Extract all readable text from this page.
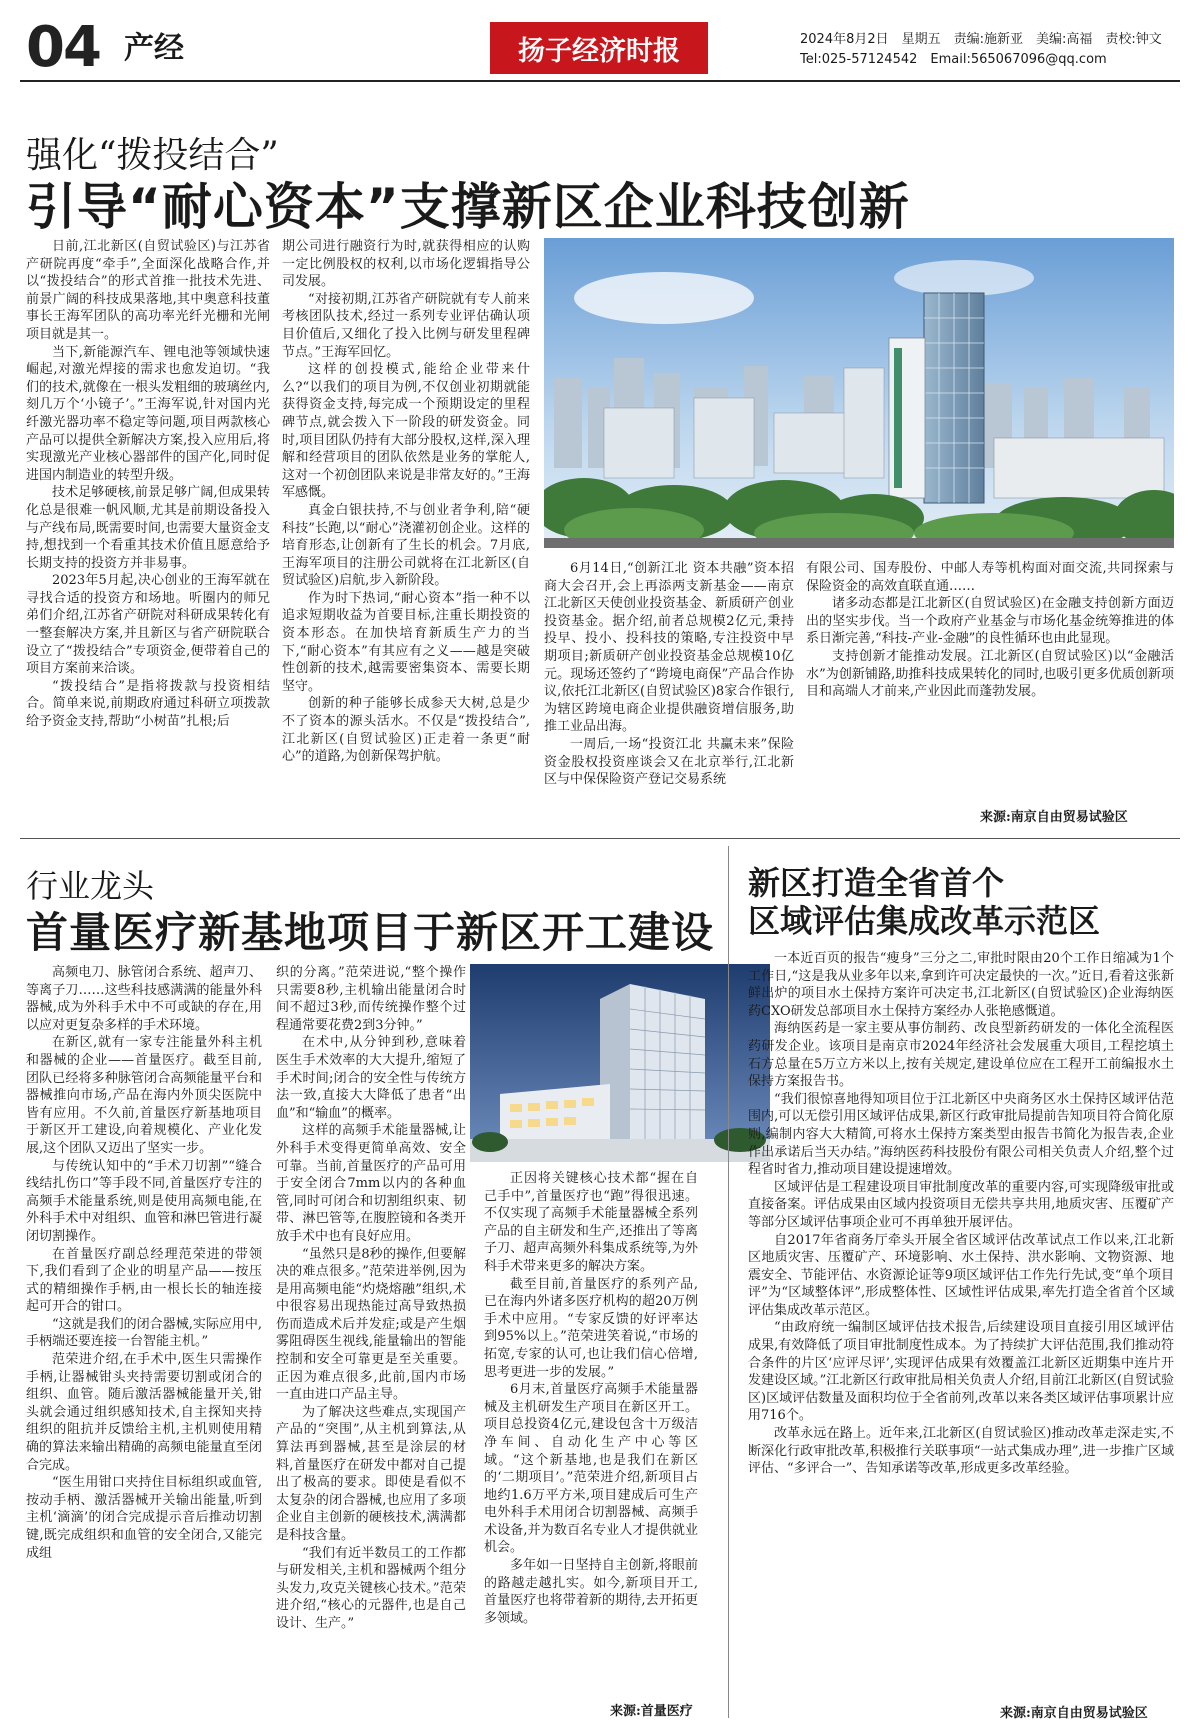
04 产经	扬子经济时报	2024年8月2日　星期五　责编:施新亚　美编:高福　责校:钟文
Tel:025-57124542　Email:565067096@qq.com
强化“拨投结合”
引导“耐心资本”支撑新区企业科技创新

日前,江北新区(自贸试验区)与江苏省产研院再度“牵手”,全面深化战略合作,并以“拨投结合”的形式首推一批技术先进、前景广阔的科技成果落地,其中奥意科技董事长王海军团队的高功率光纤光栅和光闸项目就是其一。

当下,新能源汽车、锂电池等领域快速崛起,对激光焊接的需求也愈发迫切。“我们的技术,就像在一根头发粗细的玻璃丝内,刻几万个‘小镜子’。”王海军说,针对国内光纤激光器功率不稳定等问题,项目两款核心产品可以提供全新解决方案,投入应用后,将实现激光产业核心器部件的国产化,同时促进国内制造业的转型升级。

技术足够硬核,前景足够广阔,但成果转化总是很难一帆风顺,尤其是前期设备投入与产线布局,既需要时间,也需要大量资金支持,想找到一个看重其技术价值且愿意给予长期支持的投资方并非易事。

2023年5月起,决心创业的王海军就在寻找合适的投资方和场地。听圈内的师兄弟们介绍,江苏省产研院对科研成果转化有一整套解决方案,并且新区与省产研院联合设立了“拨投结合”专项资金,便带着自己的项目方案前来洽谈。

“拨投结合”是指将拨款与投资相结合。简单来说,前期政府通过科研立项拨款给予资金支持,帮助“小树苗”扎根;后

期公司进行融资行为时,就获得相应的认购一定比例股权的权利,以市场化逻辑指导公司发展。

“对接初期,江苏省产研院就有专人前来考核团队技术,经过一系列专业评估确认项目价值后,又细化了投入比例与研发里程碑节点。”王海军回忆。

这样的创投模式,能给企业带来什么?“以我们的项目为例,不仅创业初期就能获得资金支持,每完成一个预期设定的里程碑节点,就会拨入下一阶段的研发资金。同时,项目团队仍持有大部分股权,这样,深入理解和经营项目的团队依然是业务的掌舵人,这对一个初创团队来说是非常友好的。”王海军感慨。

真金白银扶持,不与创业者争利,陪“硬科技”长跑,以“耐心”浇灌初创企业。这样的培育形态,让创新有了生长的机会。7月底,王海军项目的注册公司就将在江北新区(自贸试验区)启航,步入新阶段。

作为时下热词,“耐心资本”指一种不以追求短期收益为首要目标,注重长期投资的资本形态。在加快培育新质生产力的当下,“耐心资本”有其应有之义——越是突破性创新的技术,越需要密集资本、需要长期坚守。

创新的种子能够长成参天大树,总是少不了资本的源头活水。不仅是“拨投结合”,江北新区(自贸试验区)正走着一条更“耐心”的道路,为创新保驾护航。

6月14日,“创新江北 资本共融”资本招商大会召开,会上再添两支新基金——南京江北新区天使创业投资基金、新质研产创业投资基金。据介绍,前者总规模2亿元,秉持投早、投小、投科技的策略,专注投资中早期项目;新质研产创业投资基金总规模10亿元。现场还签约了“跨境电商保”产品合作协议,依托江北新区(自贸试验区)8家合作银行,为辖区跨境电商企业提供融资增信服务,助推工业品出海。

一周后,一场“投资江北 共赢未来”保险资金股权投资座谈会又在北京举行,江北新区与中保保险资产登记交易系统

有限公司、国寿股份、中邮人寿等机构面对面交流,共同探索与保险资金的高效直联直通……

诸多动态都是江北新区(自贸试验区)在金融支持创新方面迈出的坚实步伐。当一个政府产业基金与市场化基金统筹推进的体系日渐完善,“科技-产业-金融”的良性循环也由此显现。

支持创新才能推动发展。江北新区(自贸试验区)以“金融活水”为创新铺路,助推科技成果转化的同时,也吸引更多优质创新项目和高端人才前来,产业因此而蓬勃发展。

来源:南京自由贸易试验区
行业龙头
首量医疗新基地项目于新区开工建设

高频电刀、脉管闭合系统、超声刀、等离子刀……这些科技感满满的能量外科器械,成为外科手术中不可或缺的存在,用以应对更复杂多样的手术环境。

在新区,就有一家专注能量外科主机和器械的企业——首量医疗。截至目前,团队已经将多种脉管闭合高频能量平台和器械推向市场,产品在海内外顶尖医院中皆有应用。不久前,首量医疗新基地项目于新区开工建设,向着规模化、产业化发展,这个团队又迈出了坚实一步。

与传统认知中的“手术刀切割”“缝合线结扎伤口”等手段不同,首量医疗专注的高频手术能量系统,则是使用高频电能,在外科手术中对组织、血管和淋巴管进行凝闭切割操作。

在首量医疗副总经理范荣进的带领下,我们看到了企业的明星产品——按压式的精细操作手柄,由一根长长的轴连接起可开合的钳口。

“这就是我们的闭合器械,实际应用中,手柄端还要连接一台智能主机。”

范荣进介绍,在手术中,医生只需操作手柄,让器械钳头夹持需要切割或闭合的组织、血管。随后激活器械能量开关,钳头就会通过组织感知技术,自主探知夹持组织的阻抗并反馈给主机,主机则使用精确的算法来输出精确的高频电能量直至闭合完成。

“医生用钳口夹持住目标组织或血管,按动手柄、激活器械开关输出能量,听到主机‘滴滴’的闭合完成提示音后推动切割键,既完成组织和血管的安全闭合,又能完成组

织的分离。”范荣进说,“整个操作只需要8秒,主机输出能量闭合时间不超过3秒,而传统操作整个过程通常要花费2到3分钟。”

在术中,从分钟到秒,意味着医生手术效率的大大提升,缩短了手术时间;闭合的安全性与传统方法一致,直接大大降低了患者“出血”和“输血”的概率。

这样的高频手术能量器械,让外科手术变得更简单高效、安全可靠。当前,首量医疗的产品可用于安全闭合7mm以内的各种血管,同时可闭合和切割组织束、韧带、淋巴管等,在腹腔镜和各类开放手术中也有良好应用。

“虽然只是8秒的操作,但要解决的难点很多。”范荣进举例,因为是用高频电能“灼烧熔融”组织,术中很容易出现热能过高导致热损伤而造成术后并发症;或是产生烟雾阻碍医生视线,能量输出的智能控制和安全可靠更是至关重要。正因为难点很多,此前,国内市场一直由进口产品主导。

为了解决这些难点,实现国产产品的“突围”,从主机到算法,从算法再到器械,甚至是涂层的材料,首量医疗在研发中都对自己提出了极高的要求。即使是看似不太复杂的闭合器械,也应用了多项企业自主创新的硬核技术,满满都是科技含量。

“我们有近半数员工的工作都与研发相关,主机和器械两个组分头发力,攻克关键核心技术。”范荣进介绍,“核心的元器件,也是自己设计、生产。”

正因将关键核心技术都“握在自己手中”,首量医疗也“跑”得很迅速。不仅实现了高频手术能量器械全系列产品的自主研发和生产,还推出了等离子刀、超声高频外科集成系统等,为外科手术带来更多的解决方案。

截至目前,首量医疗的系列产品,已在海内外诸多医疗机构的超20万例手术中应用。“专家反馈的好评率达到95%以上。”范荣进笑着说,“市场的拓宽,专家的认可,也让我们信心倍增,思考更进一步的发展。”

6月末,首量医疗高频手术能量器械及主机研发生产项目在新区开工。项目总投资4亿元,建设包含十万级洁净车间、自动化生产中心等区域。“这个新基地,也是我们在新区的‘二期项目’。”范荣进介绍,新项目占地约1.6万平方米,项目建成后可生产电外科手术用闭合切割器械、高频手术设备,并为数百名专业人才提供就业机会。

多年如一日坚持自主创新,将眼前的路越走越扎实。如今,新项目开工,首量医疗也将带着新的期待,去开拓更多领域。

来源:首量医疗
新区打造全省首个
区域评估集成改革示范区

一本近百页的报告“瘦身”三分之二,审批时限由20个工作日缩减为1个工作日,“这是我从业多年以来,拿到许可决定最快的一次。”近日,看着这张新鲜出炉的项目水土保持方案许可决定书,江北新区(自贸试验区)企业海纳医药CXO研发总部项目水土保持方案经办人张艳感慨道。

海纳医药是一家主要从事仿制药、改良型新药研发的一体化全流程医药研发企业。该项目是南京市2024年经济社会发展重大项目,工程挖填土石方总量在5万立方米以上,按有关规定,建设单位应在工程开工前编报水土保持方案报告书。

“我们很惊喜地得知项目位于江北新区中央商务区水土保持区域评估范围内,可以无偿引用区域评估成果,新区行政审批局提前告知项目符合简化原则,编制内容大大精简,可将水土保持方案类型由报告书简化为报告表,企业作出承诺后当天办结。”海纳医药科技股份有限公司相关负责人介绍,整个过程省时省力,推动项目建设提速增效。

区域评估是工程建设项目审批制度改革的重要内容,可实现降级审批或直接备案。评估成果由区域内投资项目无偿共享共用,地质灾害、压覆矿产等部分区域评估事项企业可不再单独开展评估。

自2017年省商务厅牵头开展全省区域评估改革试点工作以来,江北新区地质灾害、压覆矿产、环境影响、水土保持、洪水影响、文物资源、地震安全、节能评估、水资源论证等9项区域评估工作先行先试,变“单个项目评”为“区域整体评”,形成整体性、区域性评估成果,率先打造全省首个区域评估集成改革示范区。

“由政府统一编制区域评估技术报告,后续建设项目直接引用区域评估成果,有效降低了项目审批制度性成本。为了持续扩大评估范围,我们推动符合条件的片区‘应评尽评’,实现评估成果有效覆盖江北新区近期集中连片开发建设区域。”江北新区行政审批局相关负责人介绍,目前江北新区(自贸试验区)区域评估数量及面积均位于全省前列,改革以来各类区域评估事项累计应用716个。

改革永远在路上。近年来,江北新区(自贸试验区)推动改革走深走实,不断深化行政审批改革,积极推行关联事项“一站式集成办理”,进一步推广区域评估、“多评合一”、告知承诺等改革,形成更多改革经验。

来源:南京自由贸易试验区
